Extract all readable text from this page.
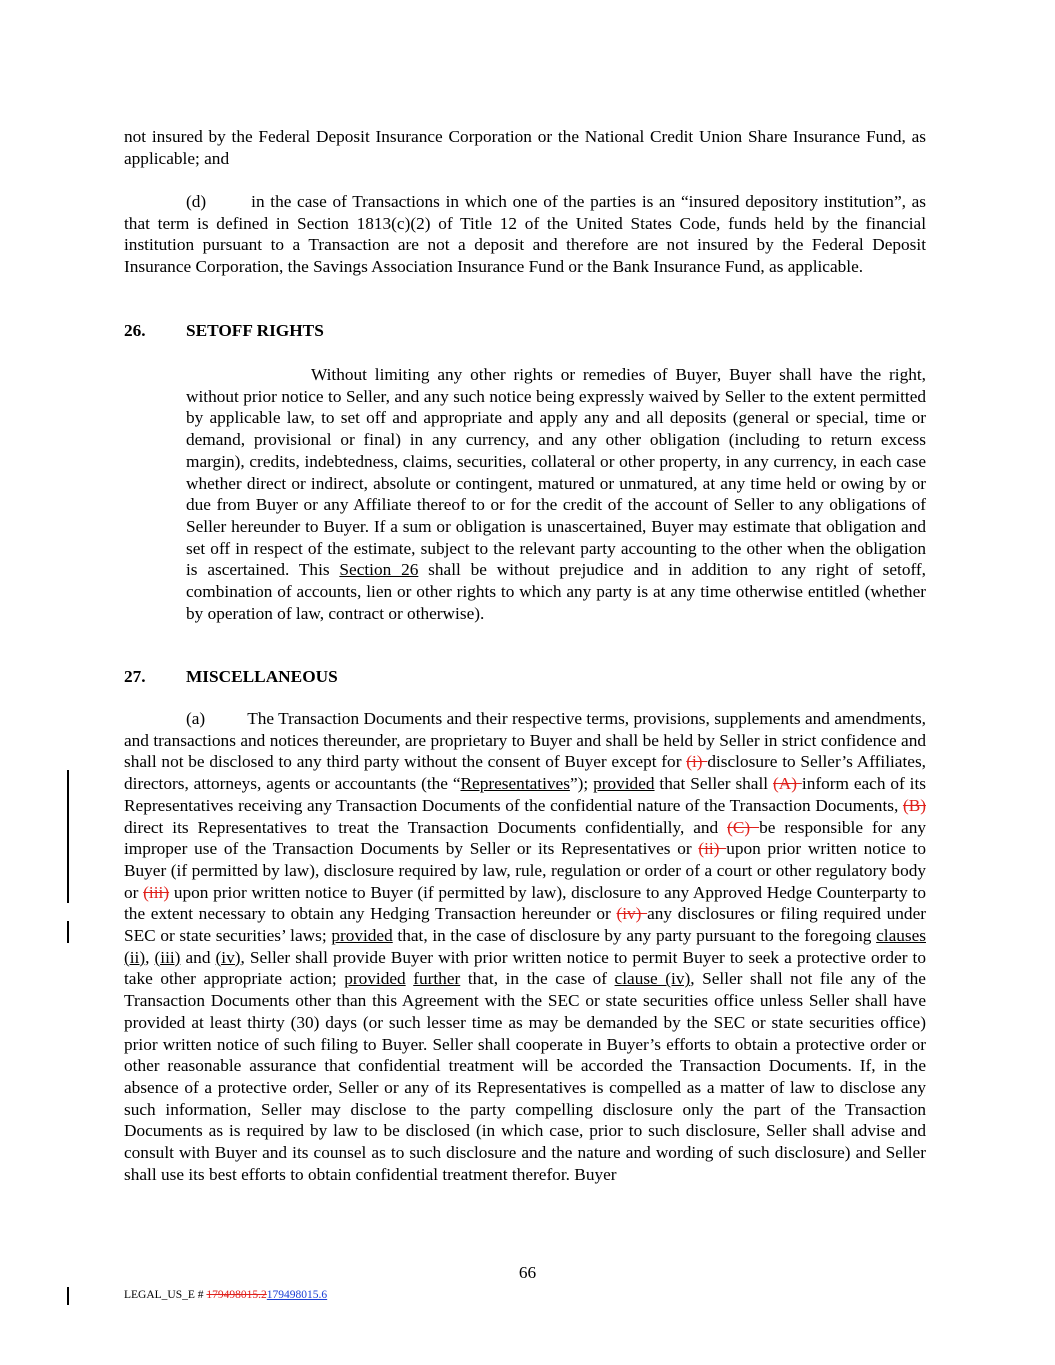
not insured by the Federal Deposit Insurance Corporation or the National Credit Union Share Insurance Fund, as applicable; and

(d)	in the case of Transactions in which one of the parties is an “insured depository institution”, as that term is defined in Section 1813(c)(2) of Title 12 of the United States Code, funds held by the financial institution pursuant to a Transaction are not a deposit and therefore are not insured by the Federal Deposit Insurance Corporation, the Savings Association Insurance Fund or the Bank Insurance Fund, as applicable.

26. SETOFF RIGHTS

Without limiting any other rights or remedies of Buyer, Buyer shall have the right, without prior notice to Seller, and any such notice being expressly waived by Seller to the extent permitted by applicable law, to set off and appropriate and apply any and all deposits (general or special, time or demand, provisional or final) in any currency, and any other obligation (including to return excess margin), credits, indebtedness, claims, securities, collateral or other property, in any currency, in each case whether direct or indirect, absolute or contingent, matured or unmatured, at any time held or owing by or due from Buyer or any Affiliate thereof to or for the credit of the account of Seller to any obligations of Seller hereunder to Buyer. If a sum or obligation is unascertained, Buyer may estimate that obligation and set off in respect of the estimate, subject to the relevant party accounting to the other when the obligation is ascertained. This Section 26 shall be without prejudice and in addition to any right of setoff, combination of accounts, lien or other rights to which any party is at any time otherwise entitled (whether by operation of law, contract or otherwise).

27. MISCELLANEOUS

(a) The Transaction Documents and their respective terms, provisions, supplements and amendments, and transactions and notices thereunder, are proprietary to Buyer and shall be held by Seller in strict confidence and shall not be disclosed to any third party without the consent of Buyer except for (i) disclosure to Seller’s Affiliates, directors, attorneys, agents or accountants (the “Representatives”); provided that Seller shall (A) inform each of its Representatives receiving any Transaction Documents of the confidential nature of the Transaction Documents, (B) direct its Representatives to treat the Transaction Documents confidentially, and (C) be responsible for any improper use of the Transaction Documents by Seller or its Representatives or (ii) upon prior written notice to Buyer (if permitted by law), disclosure required by law, rule, regulation or order of a court or other regulatory body or (iii) upon prior written notice to Buyer (if permitted by law), disclosure to any Approved Hedge Counterparty to the extent necessary to obtain any Hedging Transaction hereunder or (iv) any disclosures or filing required under SEC or state securities’ laws; provided that, in the case of disclosure by any party pursuant to the foregoing clauses (ii), (iii) and (iv), Seller shall provide Buyer with prior written notice to permit Buyer to seek a protective order to take other appropriate action; provided further that, in the case of clause (iv), Seller shall not file any of the Transaction Documents other than this Agreement with the SEC or state securities office unless Seller shall have provided at least thirty (30) days (or such lesser time as may be demanded by the SEC or state securities office) prior written notice of such filing to Buyer. Seller shall cooperate in Buyer’s efforts to obtain a protective order or other reasonable assurance that confidential treatment will be accorded the Transaction Documents. If, in the absence of a protective order, Seller or any of its Representatives is compelled as a matter of law to disclose any such information, Seller may disclose to the party compelling disclosure only the part of the Transaction Documents as is required by law to be disclosed (in which case, prior to such disclosure, Seller shall advise and consult with Buyer and its counsel as to such disclosure and the nature and wording of such disclosure) and Seller shall use its best efforts to obtain confidential treatment therefor. Buyer

66

LEGAL_US_E # 179498015.2179498015.6
